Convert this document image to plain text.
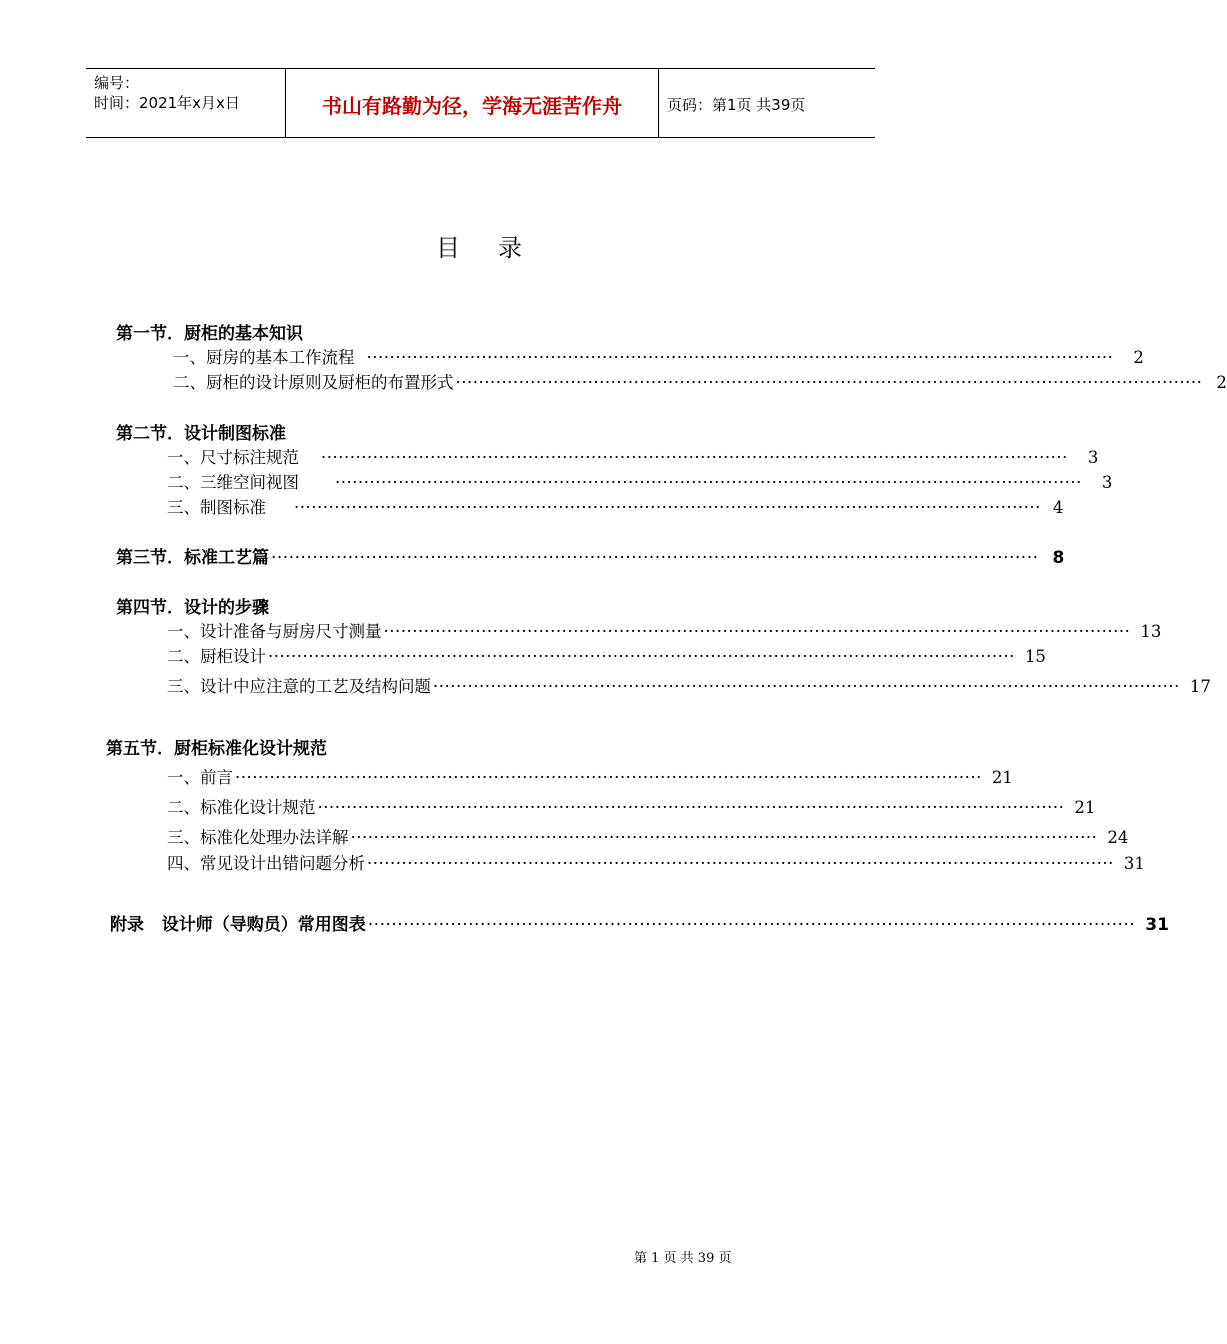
编号：
时间：2021年x月x日	书山有路勤为径，学海无涯苦作舟	页码：第1页 共39页
目录
第一节．厨柜的基本知识
一、厨房的基本工作流程 ·································································································································· 2
二、厨柜的设计原则及厨柜的布置形式 ·································································································································· 2
第二节．设计制图标准
一、尺寸标注规范 ·································································································································· 3
二、三维空间视图 ·································································································································· 3
三、制图标准 ·································································································································· 4
第三节．标准工艺篇 ·································································································································· 8
第四节．设计的步骤
一、设计准备与厨房尺寸测量 ·································································································································· 13
二、厨柜设计 ·································································································································· 15
三、设计中应注意的工艺及结构问题 ·································································································································· 17
第五节．厨柜标准化设计规范
一、前言 ·································································································································· 21
二、标准化设计规范 ·································································································································· 21
三、标准化处理办法详解 ·································································································································· 24
四、常见设计出错问题分析 ·································································································································· 31
附录   设计师（导购员）常用图表 ·································································································································· 31
第 1 页 共 39 页
